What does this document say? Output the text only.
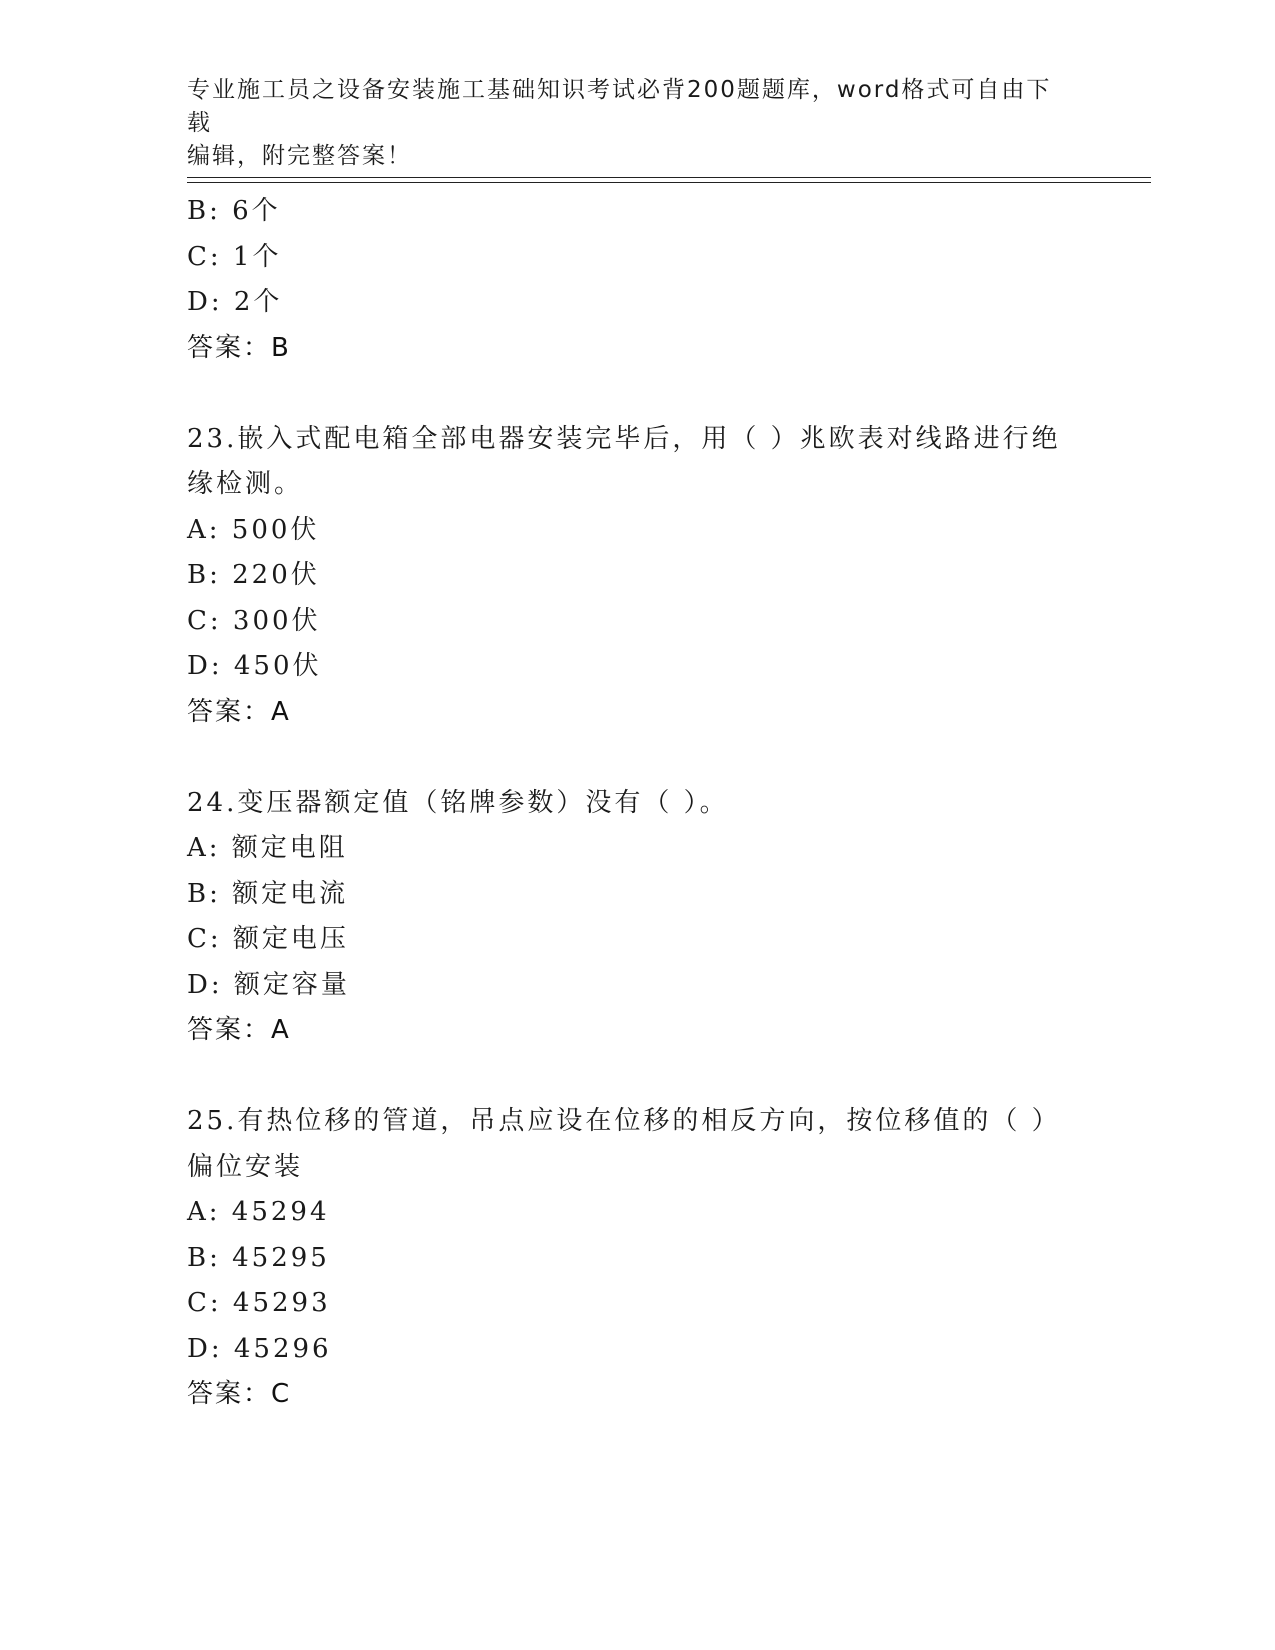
专业施工员之设备安装施工基础知识考试必背200题题库，word格式可自由下载
编辑，附完整答案！
B: 6个
C: 1个
D: 2个
答案：B
23.嵌入式配电箱全部电器安装完毕后，用（ ）兆欧表对线路进行绝
缘检测。
A: 500伏
B: 220伏
C: 300伏
D: 450伏
答案：A
24.变压器额定值（铭牌参数）没有（ ）。
A: 额定电阻
B: 额定电流
C: 额定电压
D: 额定容量
答案：A
25.有热位移的管道，吊点应设在位移的相反方向，按位移值的（ ）
偏位安装
A: 45294
B: 45295
C: 45293
D: 45296
答案：C
